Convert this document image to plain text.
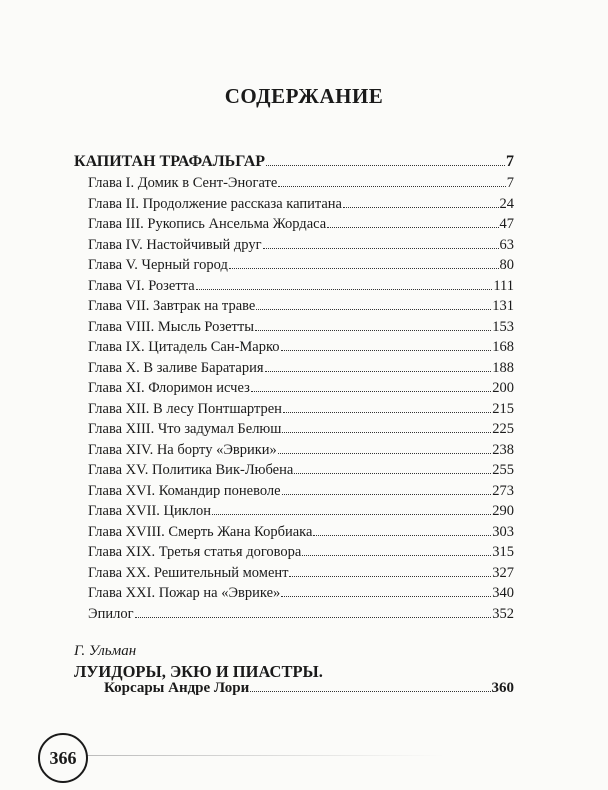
СОДЕРЖАНИЕ
КАПИТАН ТРАФАЛЬГАР	7
Глава I. Домик в Сент-Эногате	7
Глава II. Продолжение рассказа капитана	24
Глава III. Рукопись Ансельма Жордаса	47
Глава IV. Настойчивый друг	63
Глава V. Черный город	80
Глава VI. Розетта	111
Глава VII. Завтрак на траве	131
Глава VIII. Мысль Розетты	153
Глава IX. Цитадель Сан-Марко	168
Глава X. В заливе Баратария	188
Глава XI. Флоримон исчез	200
Глава XII. В лесу Понтшартрен	215
Глава XIII. Что задумал Белюш	225
Глава XIV. На борту «Эврики»	238
Глава XV. Политика Вик-Любена	255
Глава XVI. Командир поневоле	273
Глава XVII. Циклон	290
Глава XVIII. Смерть Жана Корбиака	303
Глава XIX. Третья статья договора	315
Глава XX. Решительный момент	327
Глава XXI. Пожар на «Эврике»	340
Эпилог	352
Г. Ульман
ЛУИДОРЫ, ЭКЮ И ПИАСТРЫ.
Корсары Андре Лори	360
366
